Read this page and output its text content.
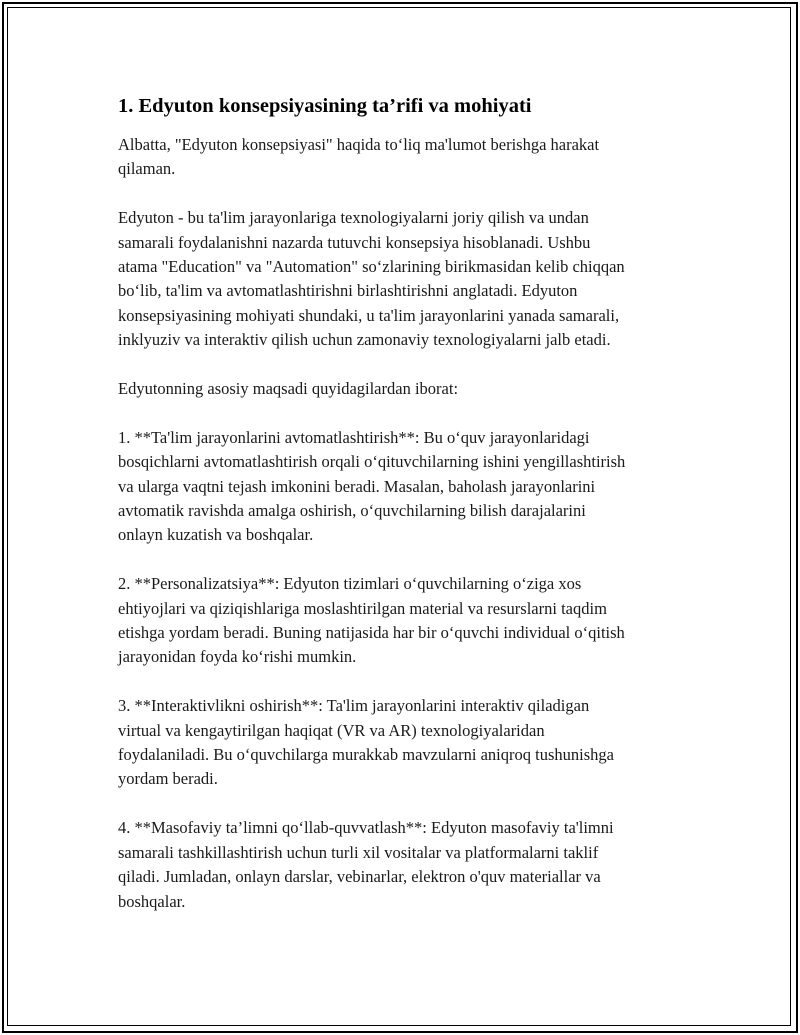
1. Edyuton konsepsiyasining ta’rifi va mohiyati

Albatta, "Edyuton konsepsiyasi" haqida to‘liq ma'lumot berishga harakat
qilaman.

Edyuton - bu ta'lim jarayonlariga texnologiyalarni joriy qilish va undan
samarali foydalanishni nazarda tutuvchi konsepsiya hisoblanadi. Ushbu
atama "Education" va "Automation" so‘zlarining birikmasidan kelib chiqqan
bo‘lib, ta'lim va avtomatlashtirishni birlashtirishni anglatadi. Edyuton
konsepsiyasining mohiyati shundaki, u ta'lim jarayonlarini yanada samarali,
inklyuziv va interaktiv qilish uchun zamonaviy texnologiyalarni jalb etadi.

Edyutonning asosiy maqsadi quyidagilardan iborat:

1. **Ta'lim jarayonlarini avtomatlashtirish**: Bu o‘quv jarayonlaridagi
bosqichlarni avtomatlashtirish orqali o‘qituvchilarning ishini yengillashtirish
va ularga vaqtni tejash imkonini beradi. Masalan, baholash jarayonlarini
avtomatik ravishda amalga oshirish, o‘quvchilarning bilish darajalarini
onlayn kuzatish va boshqalar.

2. **Personalizatsiya**: Edyuton tizimlari o‘quvchilarning o‘ziga xos
ehtiyojlari va qiziqishlariga moslashtirilgan material va resurslarni taqdim
etishga yordam beradi. Buning natijasida har bir o‘quvchi individual o‘qitish
jarayonidan foyda ko‘rishi mumkin.

3. **Interaktivlikni oshirish**: Ta'lim jarayonlarini interaktiv qiladigan
virtual va kengaytirilgan haqiqat (VR va AR) texnologiyalaridan
foydalaniladi. Bu o‘quvchilarga murakkab mavzularni aniqroq tushunishga
yordam beradi.

4. **Masofaviy ta’limni qo‘llab-quvvatlash**: Edyuton masofaviy ta'limni
samarali tashkillashtirish uchun turli xil vositalar va platformalarni taklif
qiladi. Jumladan, onlayn darslar, vebinarlar, elektron o'quv materiallar va
boshqalar.
